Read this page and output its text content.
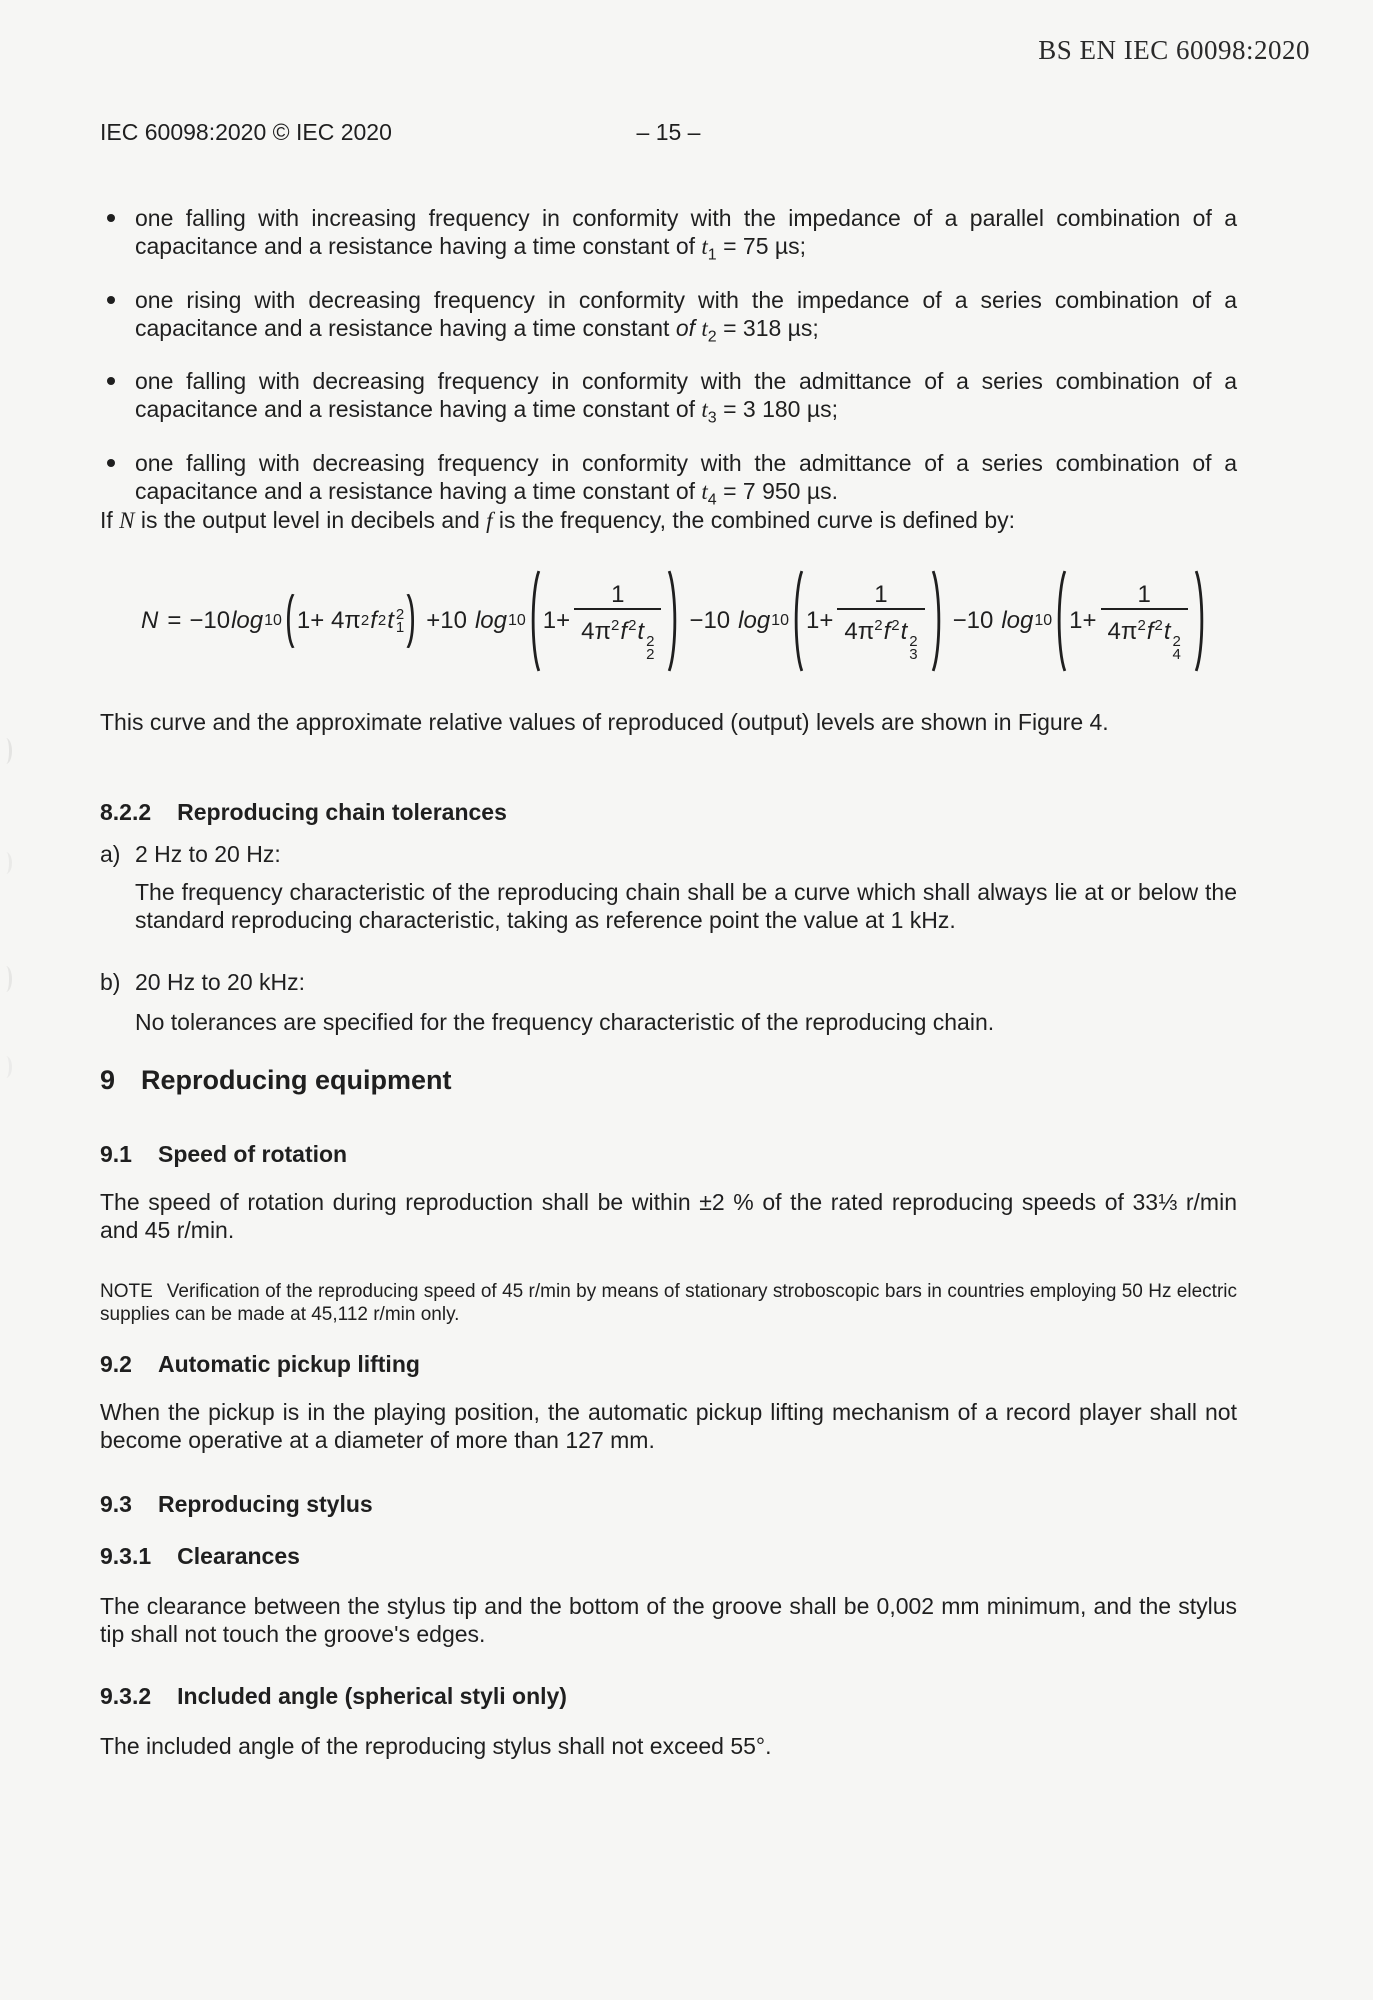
BS EN IEC 60098:2020
IEC 60098:2020 © IEC 2020	– 15 –
one falling with increasing frequency in conformity with the impedance of a parallel combination of a capacitance and a resistance having a time constant of $t_1 = 75$ µs;
one rising with decreasing frequency in conformity with the impedance of a series combination of a capacitance and a resistance having a time constant of $t_2 = 318$ µs;
one falling with decreasing frequency in conformity with the admittance of a series combination of a capacitance and a resistance having a time constant of $t_3 = 3$ 180 µs;
one falling with decreasing frequency in conformity with the admittance of a series combination of a capacitance and a resistance having a time constant of $t_4 = 7$ 950 µs.
If N is the output level in decibels and f is the frequency, the combined curve is defined by:
N = −10 log 10 1+ 4π 2 f 2 t 2
1 +10 log 10 1+ 1
$4\pi^2f^2t$ 2
2 −10 log 10 1+ 1
$4\pi^2f^2t$ 2
3 −10 log 10 1+ 1
$4\pi^2f^2t$ 2
4
This curve and the approximate relative values of reproduced (output) levels are shown in Figure 4.
8.2.2 Reproducing chain tolerances
a) 2 Hz to 20 Hz:
The frequency characteristic of the reproducing chain shall be a curve which shall always lie at or below the standard reproducing characteristic, taking as reference point the value at 1 kHz.
b) 20 Hz to 20 kHz:
No tolerances are specified for the frequency characteristic of the reproducing chain.
9 Reproducing equipment
9.1 Speed of rotation
The speed of rotation during reproduction shall be within ±2 % of the rated reproducing speeds of 33⅓ r/min and 45 r/min.
NOTE Verification of the reproducing speed of 45 r/min by means of stationary stroboscopic bars in countries employing 50 Hz electric supplies can be made at 45,112 r/min only.
9.2 Automatic pickup lifting
When the pickup is in the playing position, the automatic pickup lifting mechanism of a record player shall not become operative at a diameter of more than 127 mm.
9.3 Reproducing stylus
9.3.1 Clearances
The clearance between the stylus tip and the bottom of the groove shall be 0,002 mm minimum, and the stylus tip shall not touch the groove's edges.
9.3.2 Included angle (spherical styli only)
The included angle of the reproducing stylus shall not exceed 55°.
